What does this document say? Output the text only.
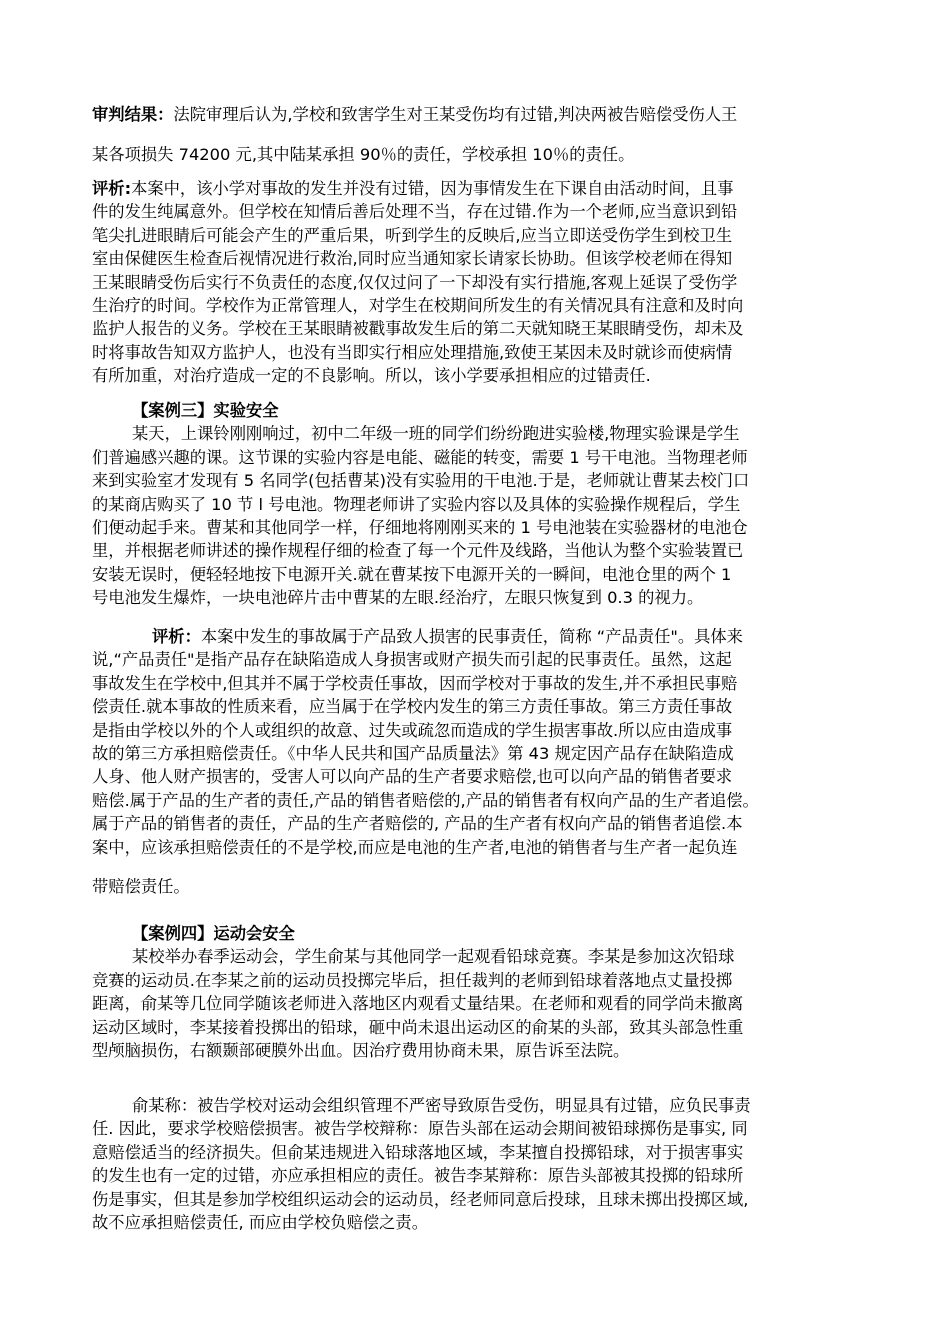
审判结果：法院审理后认为,学校和致害学生对王某受伤均有过错,判决两被告赔偿受伤人王
某各项损失 74200 元,其中陆某承担 90％的责任，学校承担 10％的责任。
评析:本案中，该小学对事故的发生并没有过错，因为事情发生在下课自由活动时间，且事
件的发生纯属意外。但学校在知情后善后处理不当，存在过错.作为一个老师,应当意识到铅
笔尖扎进眼睛后可能会产生的严重后果，听到学生的反映后,应当立即送受伤学生到校卫生
室由保健医生检查后视情况进行救治,同时应当通知家长请家长协助。但该学校老师在得知
王某眼睛受伤后实行不负责任的态度,仅仅过问了一下却没有实行措施,客观上延误了受伤学
生治疗的时间。学校作为正常管理人，对学生在校期间所发生的有关情况具有注意和及时向
监护人报告的义务。学校在王某眼睛被戳事故发生后的第二天就知晓王某眼睛受伤，却未及
时将事故告知双方监护人，也没有当即实行相应处理措施,致使王某因未及时就诊而使病情
有所加重，对治疗造成一定的不良影响。所以，该小学要承担相应的过错责任.
【案例三】实验安全
某天，上课铃刚刚响过，初中二年级一班的同学们纷纷跑进实验楼,物理实验课是学生
们普遍感兴趣的课。这节课的实验内容是电能、磁能的转变，需要 1 号干电池。当物理老师
来到实验室才发现有 5 名同学(包括曹某)没有实验用的干电池.于是，老师就让曹某去校门口
的某商店购买了 10 节 l 号电池。物理老师讲了实验内容以及具体的实验操作规程后，学生
们便动起手来。曹某和其他同学一样，仔细地将刚刚买来的 1 号电池装在实验器材的电池仓
里，并根据老师讲述的操作规程仔细的检查了每一个元件及线路，当他认为整个实验装置已
安装无误时，便轻轻地按下电源开关.就在曹某按下电源开关的一瞬间，电池仓里的两个 1
号电池发生爆炸，一块电池碎片击中曹某的左眼.经治疗，左眼只恢复到 0.3 的视力。
评析：本案中发生的事故属于产品致人损害的民事责任，简称 “产品责任"。具体来
说,“产品责任"是指产品存在缺陷造成人身损害或财产损失而引起的民事责任。虽然，这起
事故发生在学校中,但其并不属于学校责任事故，因而学校对于事故的发生,并不承担民事赔
偿责任.就本事故的性质来看，应当属于在学校内发生的第三方责任事故。第三方责任事故
是指由学校以外的个人或组织的故意、过失或疏忽而造成的学生损害事故.所以应由造成事
故的第三方承担赔偿责任。《中华人民共和国产品质量法》第 43 规定因产品存在缺陷造成
人身、他人财产损害的，受害人可以向产品的生产者要求赔偿,也可以向产品的销售者要求
赔偿.属于产品的生产者的责任,产品的销售者赔偿的,产品的销售者有权向产品的生产者追偿。
属于产品的销售者的责任，产品的生产者赔偿的, 产品的生产者有权向产品的销售者追偿.本
案中，应该承担赔偿责任的不是学校,而应是电池的生产者,电池的销售者与生产者一起负连
带赔偿责任。
【案例四】运动会安全
某校举办春季运动会，学生俞某与其他同学一起观看铅球竞赛。李某是参加这次铅球
竞赛的运动员.在李某之前的运动员投掷完毕后，担任裁判的老师到铅球着落地点丈量投掷
距离，俞某等几位同学随该老师进入落地区内观看丈量结果。在老师和观看的同学尚未撤离
运动区域时，李某接着投掷出的铅球，砸中尚未退出运动区的俞某的头部，致其头部急性重
型颅脑损伤，右额颞部硬膜外出血。因治疗费用协商未果，原告诉至法院。
俞某称：被告学校对运动会组织管理不严密导致原告受伤，明显具有过错，应负民事责
任. 因此，要求学校赔偿损害。被告学校辩称：原告头部在运动会期间被铅球掷伤是事实, 同
意赔偿适当的经济损失。但俞某违规进入铅球落地区域，李某擅自投掷铅球，对于损害事实
的发生也有一定的过错，亦应承担相应的责任。被告李某辩称：原告头部被其投掷的铅球所
伤是事实，但其是参加学校组织运动会的运动员，经老师同意后投球，且球未掷出投掷区域,
故不应承担赔偿责任, 而应由学校负赔偿之责。
